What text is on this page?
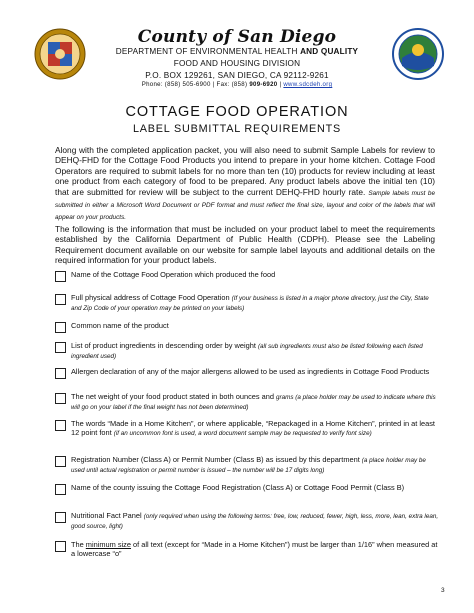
County of San Diego
DEPARTMENT OF ENVIRONMENTAL HEALTH AND QUALITY
FOOD AND HOUSING DIVISION
P.O. BOX 129261, SAN DIEGO, CA 92112-9261
Phone: (858) 505-6900 | Fax: (858) 909-6920 | www.sdcdeh.org
COTTAGE FOOD OPERATION
LABEL SUBMITTAL REQUIREMENTS
Along with the completed application packet, you will also need to submit Sample Labels for review to DEHQ-FHD for the Cottage Food Products you intend to prepare in your home kitchen. Cottage Food Operators are required to submit labels for no more than ten (10) products for review including at least one product from each category of food to be prepared. Any product labels above the initial ten (10) that are submitted for review will be subject to the current DEHQ-FHD hourly rate. Sample labels must be submitted in either a Microsoft Word Document or PDF format and must reflect the final size, layout and color of the labels that will appear on your products.
The following is the information that must be included on your product label to meet the requirements established by the California Department of Public Health (CDPH). Please see the Labeling Requirement document available on our website for sample label layouts and additional details on the required information for your product labels.
Name of the Cottage Food Operation which produced the food
Full physical address of Cottage Food Operation (If your business is listed in a major phone directory, just the City, State and Zip Code of your operation may be printed on your labels)
Common name of the product
List of product ingredients in descending order by weight (all sub ingredients must also be listed following each listed ingredient used)
Allergen declaration of any of the major allergens allowed to be used as ingredients in Cottage Food Products
The net weight of your food product stated in both ounces and grams (a place holder may be used to indicate where this will go on your label if the final weight has not been determined)
The words “Made in a Home Kitchen”, or where applicable, “Repackaged in a Home Kitchen”, printed in at least 12 point font (if an uncommon font is used, a word document sample may be requested to verify font size)
Registration Number (Class A) or Permit Number (Class B) as issued by this department (a place holder may be used until actual registration or permit number is issued – the number will be 17 digits long)
Name of the county issuing the Cottage Food Registration (Class A) or Cottage Food Permit (Class B)
Nutritional Fact Panel (only required when using the following terms: free, low, reduced, fewer, high, less, more, lean, extra lean, good source, light)
The minimum size of all text (except for “Made in a Home Kitchen”) must be larger than 1/16” when measured at a lowercase “o”
3
